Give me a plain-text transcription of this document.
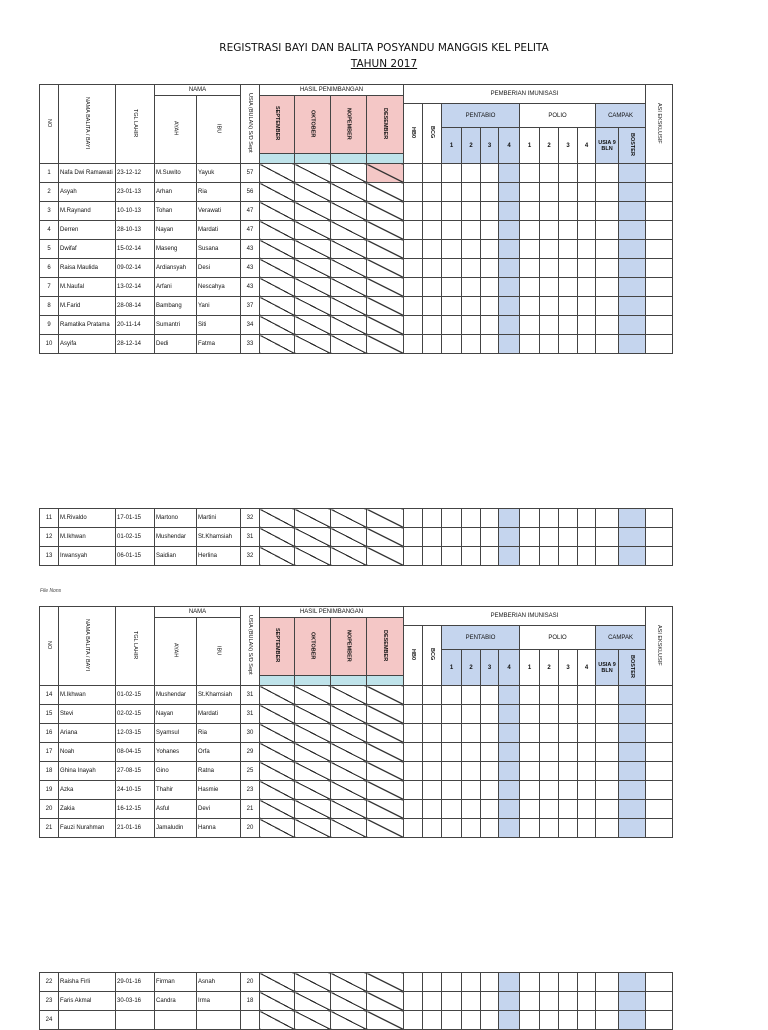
REGISTRASI BAYI DAN BALITA POSYANDU MANGGIS KEL PELITA
TAHUN 2017
NO	NAMA BALITA / BAYI	TGL LAHIR	NAMA		USIA (BULAN) S/D Sept	HASIL PENIMBANGAN				PEMBERIAN IMUNISASI												ASI EKSKLUSIF
			AYAH	IBU		SEPTEMBER	OKTOBER	NOPEMBER	DESEMBER													
										HB0	BCG	PENTABIO				POLIO				CAMPAK		
												1	2	3	4	1	2	3	4	USIA 9 BLN	BOSTER	

1	Nafa Dwi Ramawati	23-12-12	M.Suwito	Yayuk	57																	
2	Asyah	23-01-13	Arhan	Ria	56																	
3	M.Raynand	10-10-13	Tohan	Verawati	47																	
4	Derren	28-10-13	Nayan	Mardati	47																	
5	Dwifaf	15-02-14	Maseng	Susana	43																	
6	Raisa Maulida	09-02-14	Ardiansyah	Desi	43																	
7	M.Naufal	13-02-14	Arfani	Nescahya	43																	
8	M.Farid	28-08-14	Bambang	Yani	37																	
9	Ramatika Pratama	20-11-14	Sumantri	Siti	34																	
10	Asyifa	28-12-14	Dedi	Fatma	33																	
11	M.Rivaldo	17-01-15	Martono	Martini	32																	
12	M.Ikhwan	01-02-15	Mushendar	St.Khamsiah	31																	
13	Irwansyah	06-01-15	Saidian	Herlina	32																	
File Nons
NO	NAMA BALITA / BAYI	TGL LAHIR	NAMA		USIA (BULAN) S/D Sept	HASIL PENIMBANGAN				PEMBERIAN IMUNISASI												ASI EKSKLUSIF
			AYAH	IBU		SEPTEMBER	OKTOBER	NOPEMBER	DESEMBER													
										HB0	BCG	PENTABIO				POLIO				CAMPAK		
												1	2	3	4	1	2	3	4	USIA 9 BLN	BOSTER	

14	M.Ikhwan	01-02-15	Mushendar	St.Khamsiah	31																	
15	Stevi	02-02-15	Nayan	Mardati	31																	
16	Ariana	12-03-15	Syamsul	Ria	30																	
17	Noah	08-04-15	Yohanes	Orfa	29																	
18	Ghina Inayah	27-08-15	Gino	Ratna	25																	
19	Azka	24-10-15	Thahir	Hasmie	23																	
20	Zakia	16-12-15	Asful	Devi	21																	
21	Fauzi Nurahman	21-01-16	Jamaludin	Hanna	20																	
22	Raisha Firli	29-01-16	Firman	Asnah	20																	
23	Faris Akmal	30-03-16	Candra	Irma	18																	
24																						
